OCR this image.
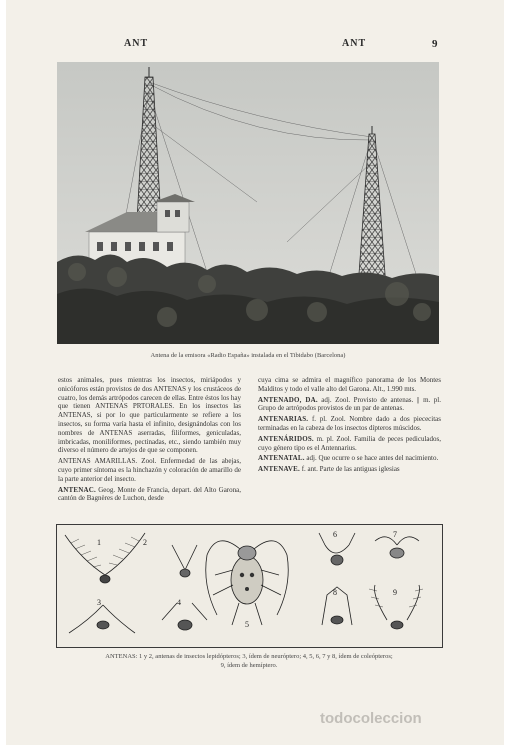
ANT	ANT	9
Antena de la emisora «Radio España» instalada en el Tibidabo (Barcelona)

estos animales, pues mientras los insectos, miriápodos y onicóforos están provistos de dos ANTENAS y los crustáceos de cuatro, los demás artrópodos carecen de ellas. Entre éstos los hay que tienen ANTENAS PRTORALES. En los insectos las ANTENAS, si por lo que particularmente se refiere a los insectos, su forma varía hasta el infinito, designándolas con los nombres de ANTENAS aserradas, filiformes, geniculadas, imbricadas, moniliformes, pectinadas, etc., siendo también muy diverso el número de artejos de que se componen.

ANTENAS AMARILLAS. Zool. Enfermedad de las abejas, cuyo primer síntoma es la hinchazón y coloración de amarillo de la parte anterior del insecto.

ANTENAC. Geog. Monte de Francia, depart. del Alto Garona, cantón de Bagnères de Luchon, desde

cuya cima se admira el magnífico panorama de los Montes Malditos y todo el valle alto del Garona. Alt., 1.990 mts.

ANTENADO, DA. adj. Zool. Provisto de antenas. || m. pl. Grupo de artrópodos provistos de un par de antenas.

ANTENARIAS. f. pl. Zool. Nombre dado a dos piececitas terminadas en la cabeza de los insectos dípteros múscidos.

ANTENÁRIDOS. m. pl. Zool. Familia de peces pediculados, cuyo género tipo es el Antennarius.

ANTENATAL. adj. Que ocurre o se hace antes del nacimiento.

ANTENAVE. f. ant. Parte de las antiguas iglesias

1	2
3	4
5
6	7
8	9
ANTENAS: 1 y 2, antenas de insectos lepidópteros; 3, ídem de neuróptero; 4, 5, 6, 7 y 8, ídem de coleópteros;
9, ídem de hemíptero.
todocoleccion
